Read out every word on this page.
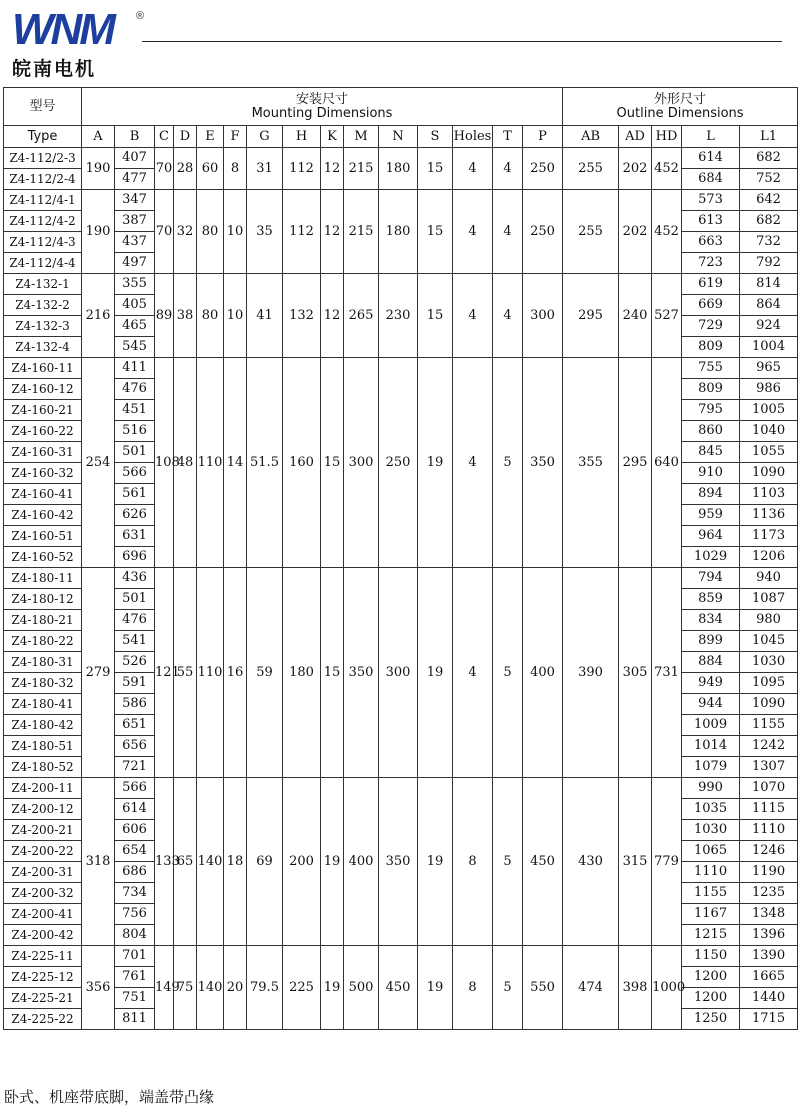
WNM	®
皖南电机
型号	安装尺寸
Mounting Dimensions															外形尺寸
Outline Dimensions				

Type	A	B	C	D	E	F	G	H	K	M	N	S	Holes	T	P	AB	AD	HD	L	L1
Z4-112/2-3	190	407	70	28	60	8	31	112	12	215	180	15	4	4	250	255	202	452	614	682
Z4-112/2-4		477																	684	752
Z4-112/4-1	190	347	70	32	80	10	35	112	12	215	180	15	4	4	250	255	202	452	573	642
Z4-112/4-2		387																	613	682
Z4-112/4-3		437																	663	732
Z4-112/4-4		497																	723	792
Z4-132-1	216	355	89	38	80	10	41	132	12	265	230	15	4	4	300	295	240	527	619	814
Z4-132-2		405																	669	864
Z4-132-3		465																	729	924
Z4-132-4		545																	809	1004
Z4-160-11	254	411	108	48	110	14	51.5	160	15	300	250	19	4	5	350	355	295	640	755	965
Z4-160-12		476																	809	986
Z4-160-21		451																	795	1005
Z4-160-22		516																	860	1040
Z4-160-31		501																	845	1055
Z4-160-32		566																	910	1090
Z4-160-41		561																	894	1103
Z4-160-42		626																	959	1136
Z4-160-51		631																	964	1173
Z4-160-52		696																	1029	1206
Z4-180-11	279	436	121	55	110	16	59	180	15	350	300	19	4	5	400	390	305	731	794	940
Z4-180-12		501																	859	1087
Z4-180-21		476																	834	980
Z4-180-22		541																	899	1045
Z4-180-31		526																	884	1030
Z4-180-32		591																	949	1095
Z4-180-41		586																	944	1090
Z4-180-42		651																	1009	1155
Z4-180-51		656																	1014	1242
Z4-180-52		721																	1079	1307
Z4-200-11	318	566	133	65	140	18	69	200	19	400	350	19	8	5	450	430	315	779	990	1070
Z4-200-12		614																	1035	1115
Z4-200-21		606																	1030	1110
Z4-200-22		654																	1065	1246
Z4-200-31		686																	1110	1190
Z4-200-32		734																	1155	1235
Z4-200-41		756																	1167	1348
Z4-200-42		804																	1215	1396
Z4-225-11	356	701	149	75	140	20	79.5	225	19	500	450	19	8	5	550	474	398	1000	1150	1390
Z4-225-12		761																	1200	1665
Z4-225-21		751																	1200	1440
Z4-225-22		811																	1250	1715
卧式、机座带底脚，端盖带凸缘
